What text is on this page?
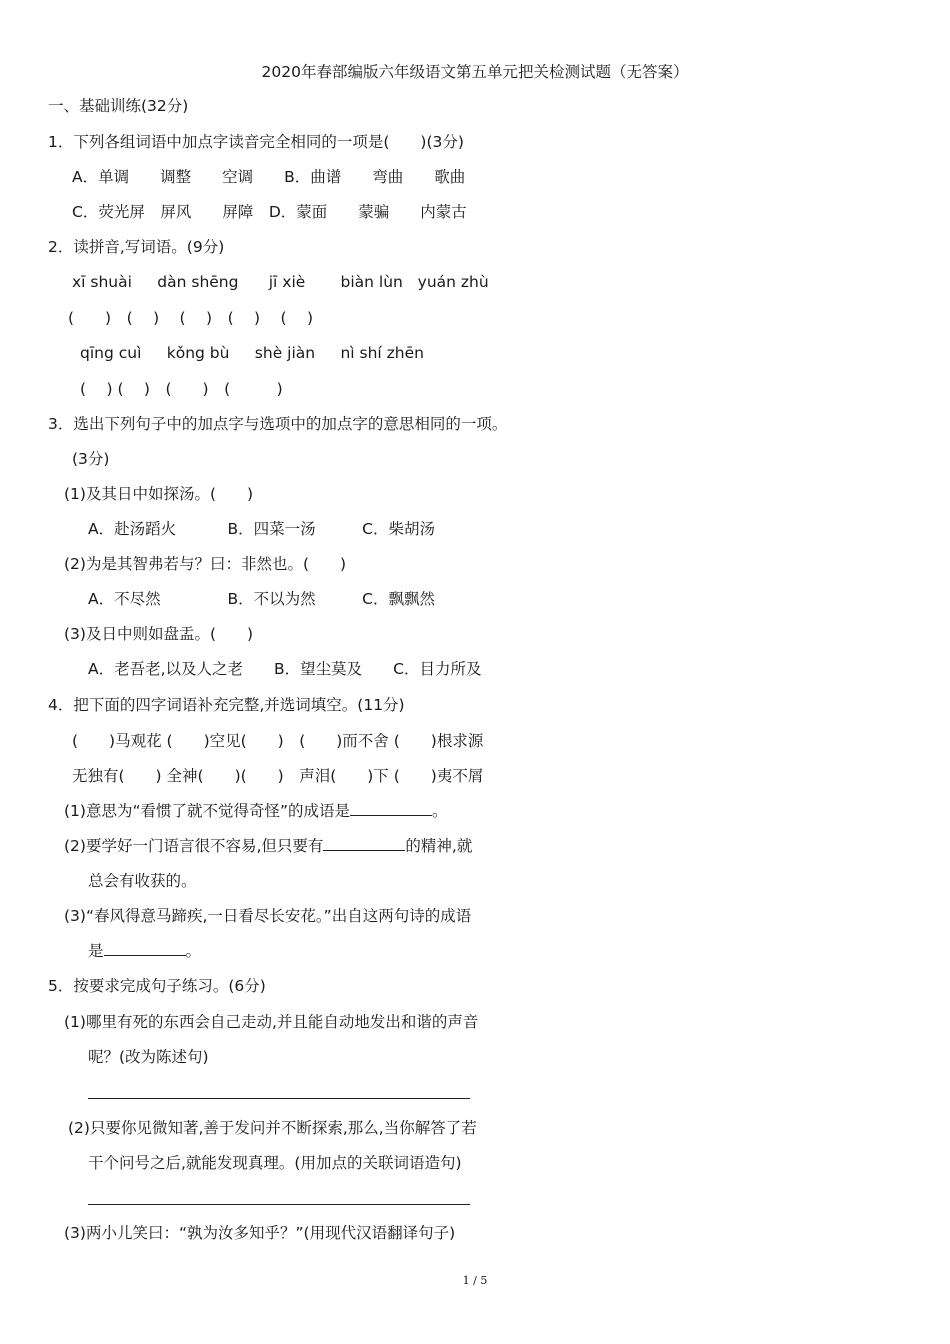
2020年春部编版六年级语文第五单元把关检测试题（无答案）
一、基础训练(32分)
1．下列各组词语中加点字读音完全相同的一项是(　　)(3分)
A．单调　　调整　　空调　　B．曲谱　　弯曲　　歌曲
C．荧光屏　屏风　　屏障　D．蒙面　　蒙骗　　内蒙古
2．读拼音,写词语。(9分)
xī shuài　  dàn shēng　   jī xiè　    biàn lùn   yuán zhù
(　　)　(　 )　 (　 )　(　 )　 (　 )
qīng cuì　  kǒng bù　  shè jiàn　  nì shí zhēn
(　 ) (　 )　(　　)　(　　　)
3．选出下列句子中的加点字与选项中的加点字的意思相同的一项。
(3分)
(1)及其日中如探汤。(　　)
A．赴汤蹈火　　　 B．四菜一汤　　　C．柴胡汤
(2)为是其智弗若与？曰：非然也。(　　)
A．不尽然　　　　 B．不以为然　　　C．飘飘然
(3)及日中则如盘盂。(　　)
A．老吾老,以及人之老　　B．望尘莫及　　C．目力所及
4．把下面的四字词语补充完整,并选词填空。(11分)
(　　)马观花 (　　)空见(　　)　(　　)而不舍 (　　)根求源
无独有(　　) 全神(　　)(　　)　声泪(　　)下 (　　)夷不屑
(1)意思为“看惯了就不觉得奇怪”的成语是	。
(2)要学好一门语言很不容易,但只要有	的精神,就
总会有收获的。
(3)“春风得意马蹄疾,一日看尽长安花。”出自这两句诗的成语
是	。
5．按要求完成句子练习。(6分)
(1)哪里有死的东西会自己走动,并且能自动地发出和谐的声音
呢？(改为陈述句)
(2)只要你见微知著,善于发问并不断探索,那么,当你解答了若
干个问号之后,就能发现真理。(用加点的关联词语造句)
(3)两小儿笑曰：“孰为汝多知乎？”(用现代汉语翻译句子)
1 / 5
